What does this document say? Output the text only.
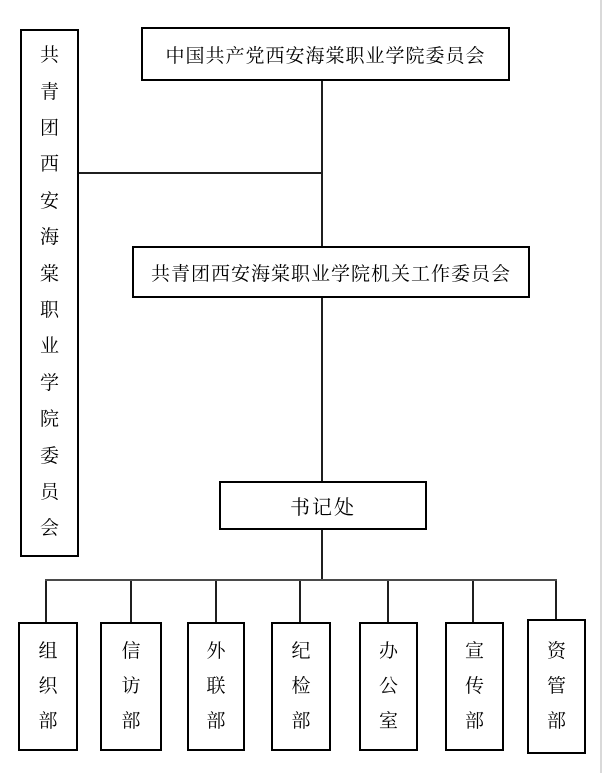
中国共产党西安海棠职业学院委员会
共青团西安海棠职业学院委员会
共青团西安海棠职业学院机关工作委员会
书记处
组织部
信访部
外联部
纪检部
办公室
宣传部
资管部
